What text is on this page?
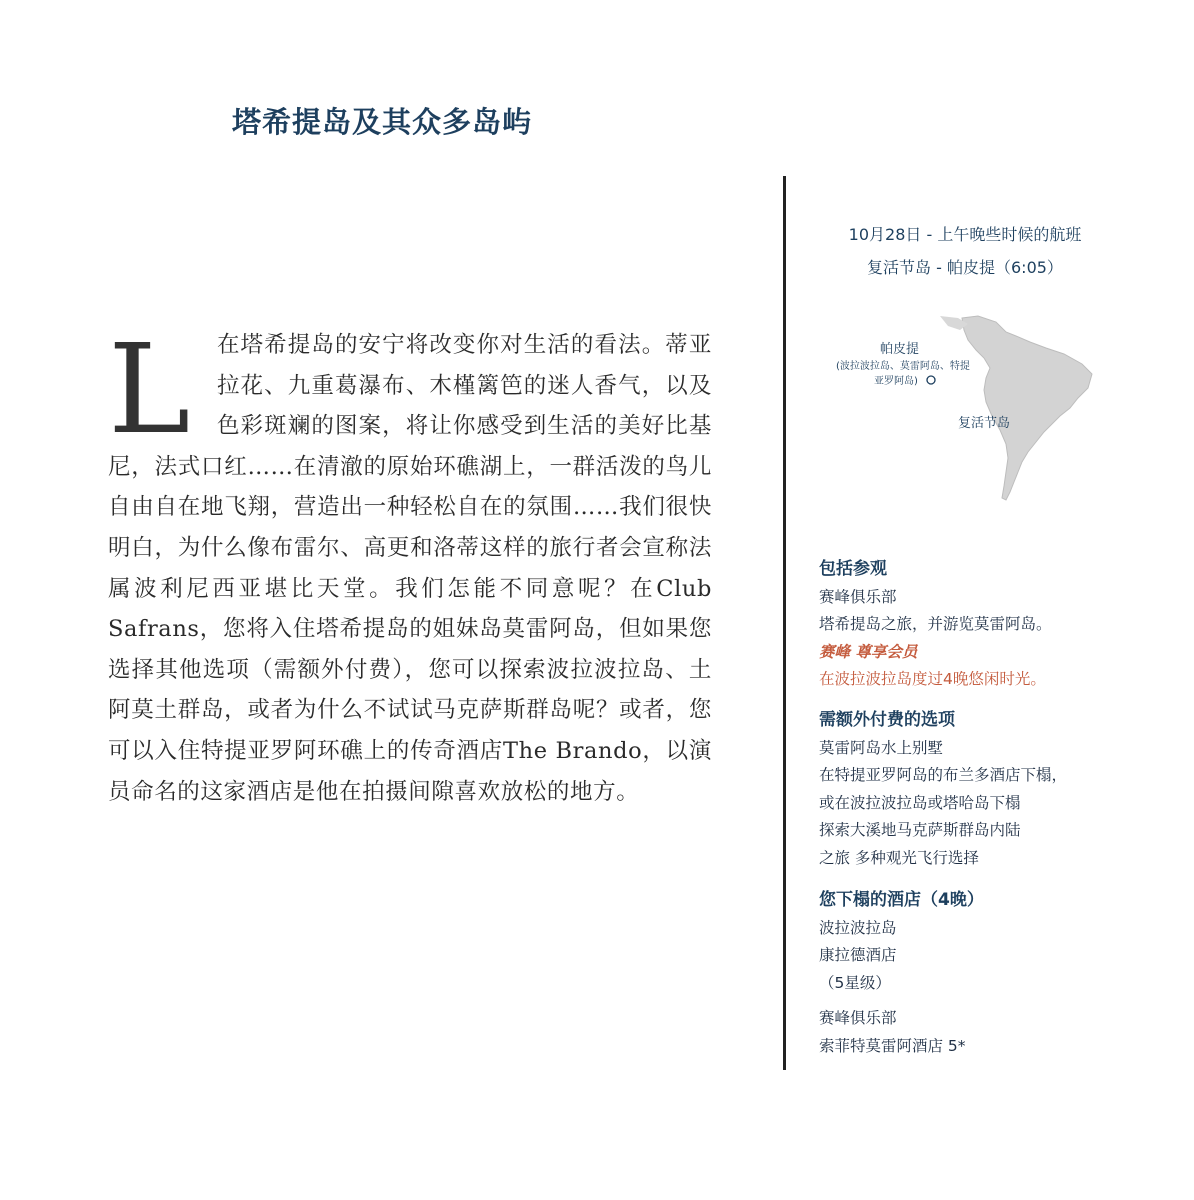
塔希提岛及其众多岛屿
L 在塔希提岛的安宁将改变你对生活的看法。蒂亚拉花、九重葛瀑布、木槿篱笆的迷人香气，以及色彩斑斓的图案，将让你感受到生活的美好比基尼，法式口红……在清澈的原始环礁湖上，一群活泼的鸟儿自由自在地飞翔，营造出一种轻松自在的氛围……我们很快明白，为什么像布雷尔、高更和洛蒂这样的旅行者会宣称法属波利尼西亚堪比天堂。我们怎能不同意呢？在Club Safrans，您将入住塔希提岛的姐妹岛莫雷阿岛，但如果您选择其他选项（需额外付费），您可以探索波拉波拉岛、土阿莫土群岛，或者为什么不试试马克萨斯群岛呢？或者，您可以入住特提亚罗阿环礁上的传奇酒店The Brando，以演员命名的这家酒店是他在拍摄间隙喜欢放松的地方。
10月28日 - 上午晚些时候的航班
复活节岛 - 帕皮提（6:05）
帕皮提
(波拉波拉岛、莫雷阿岛、特提
亚罗阿岛)
复活节岛
包括参观
赛峰俱乐部
塔希提岛之旅，并游览莫雷阿岛。
赛峰 尊享会员
在波拉波拉岛度过4晚悠闲时光。
需额外付费的选项
莫雷阿岛水上别墅
在特提亚罗阿岛的布兰多酒店下榻，
或在波拉波拉岛或塔哈岛下榻
探索大溪地马克萨斯群岛内陆
之旅 多种观光飞行选择
您下榻的酒店（4晚）
波拉波拉岛
康拉德酒店
（5星级）
赛峰俱乐部
索菲特莫雷阿酒店 5*
